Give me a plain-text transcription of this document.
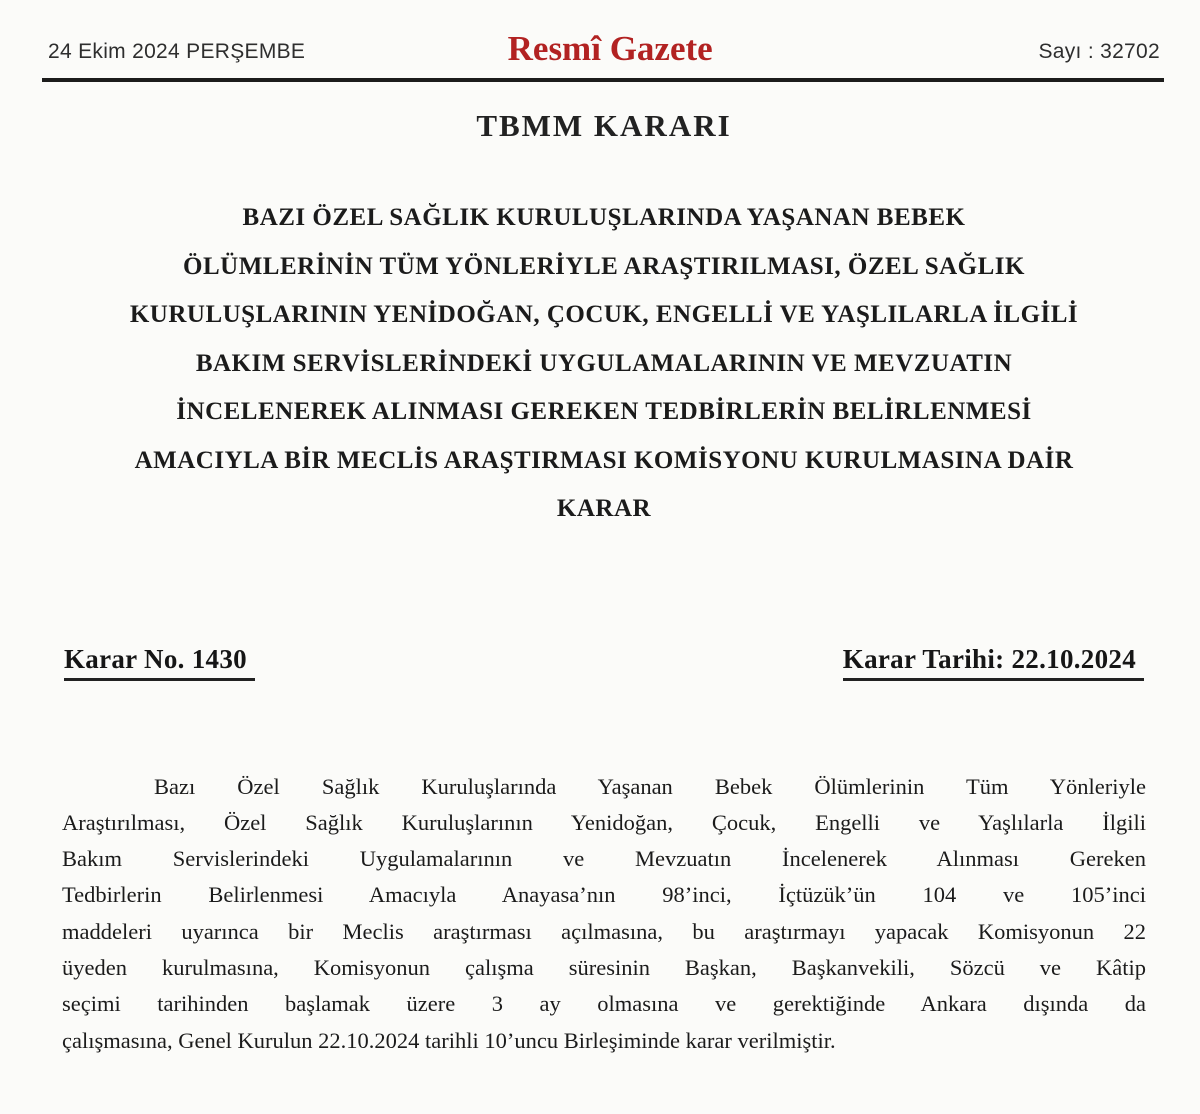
24 Ekim 2024 PERŞEMBE	Resmî Gazete	Sayı : 32702
TBMM KARARI
BAZI ÖZEL SAĞLIK KURULUŞLARINDA YAŞANAN BEBEK
ÖLÜMLERİNİN TÜM YÖNLERİYLE ARAŞTIRILMASI, ÖZEL SAĞLIK
KURULUŞLARININ YENİDOĞAN, ÇOCUK, ENGELLİ VE YAŞLILARLA İLGİLİ
BAKIM SERVİSLERİNDEKİ UYGULAMALARININ VE MEVZUATIN
İNCELENEREK ALINMASI GEREKEN TEDBİRLERİN BELİRLENMESİ
AMACIYLA BİR MECLİS ARAŞTIRMASI KOMİSYONU KURULMASINA DAİR
KARAR
Karar No. 1430	Karar Tarihi: 22.10.2024
Bazı Özel Sağlık Kuruluşlarında Yaşanan Bebek Ölümlerinin Tüm Yönleriyle
Araştırılması, Özel Sağlık Kuruluşlarının Yenidoğan, Çocuk, Engelli ve Yaşlılarla İlgili
Bakım Servislerindeki Uygulamalarının ve Mevzuatın İncelenerek Alınması Gereken
Tedbirlerin Belirlenmesi Amacıyla Anayasa’nın 98’inci, İçtüzük’ün 104 ve 105’inci
maddeleri uyarınca bir Meclis araştırması açılmasına, bu araştırmayı yapacak Komisyonun 22
üyeden kurulmasına, Komisyonun çalışma süresinin Başkan, Başkanvekili, Sözcü ve Kâtip
seçimi tarihinden başlamak üzere 3 ay olmasına ve gerektiğinde Ankara dışında da
çalışmasına, Genel Kurulun 22.10.2024 tarihli 10’uncu Birleşiminde karar verilmiştir.
